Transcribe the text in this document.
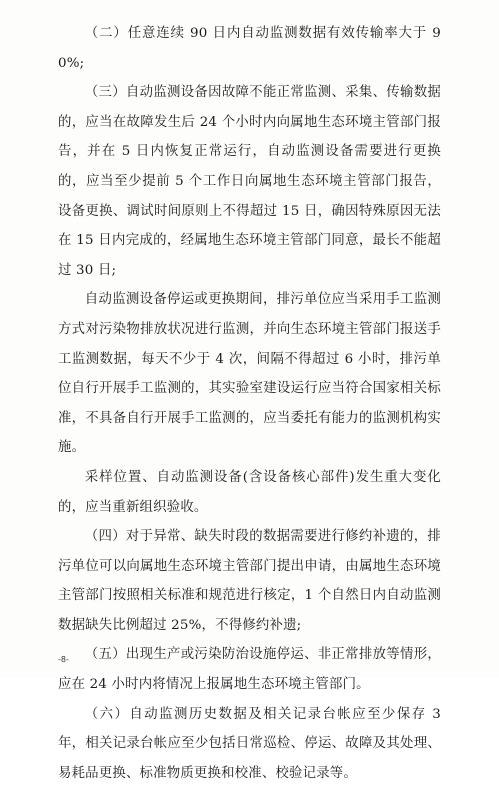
（二）任意连续 90 日内自动监测数据有效传输率大于 90%;

（三）自动监测设备因故障不能正常监测、采集、传输数据的，应当在故障发生后 24 个小时内向属地生态环境主管部门报告，并在 5 日内恢复正常运行，自动监测设备需要进行更换的，应当至少提前 5 个工作日向属地生态环境主管部门报告，设备更换、调试时间原则上不得超过 15 日，确因特殊原因无法在 15 日内完成的，经属地生态环境主管部门同意，最长不能超过 30 日;

自动监测设备停运或更换期间，排污单位应当采用手工监测方式对污染物排放状况进行监测，并向生态环境主管部门报送手工监测数据，每天不少于 4 次，间隔不得超过 6 小时，排污单位自行开展手工监测的，其实验室建设运行应当符合国家相关标准，不具备自行开展手工监测的，应当委托有能力的监测机构实施。

采样位置、自动监测设备(含设备核心部件)发生重大变化的，应当重新组织验收。

（四）对于异常、缺失时段的数据需要进行修约补遗的，排污单位可以向属地生态环境主管部门提出申请，由属地生态环境主管部门按照相关标准和规范进行核定，1 个自然日内自动监测数据缺失比例超过 25%，不得修约补遗;

（五）出现生产或污染防治设施停运、非正常排放等情形，应在 24 小时内将情况上报属地生态环境主管部门。

（六）自动监测历史数据及相关记录台帐应至少保存 3 年，相关记录台帐应至少包括日常巡检、停运、故障及其处理、易耗品更换、标准物质更换和校准、校验记录等。

-8-
